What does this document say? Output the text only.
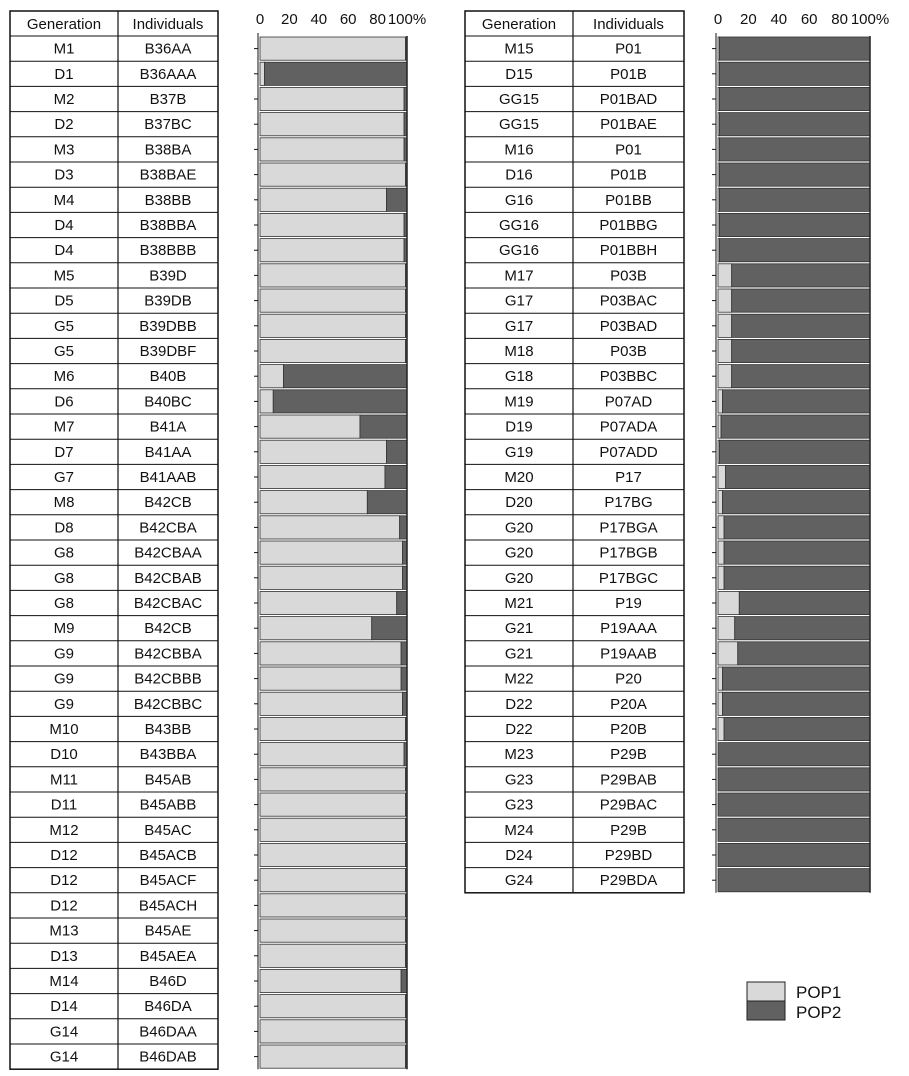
Generation Individuals	0 20 40 60 80 100%
M1	B36AA
D1	B36AAA
M2	B37B
D2	B37BC
M3	B38BA
D3	B38BAE
M4	B38BB
D4	B38BBA
D4	B38BBB
M5	B39D
D5	B39DB
G5	B39DBB
G5	B39DBF
M6	B40B
D6	B40BC
M7	B41A
D7	B41AA
G7	B41AAB
M8	B42CB
D8	B42CBA
G8	B42CBAA
G8	B42CBAB
G8	B42CBAC
M9	B42CB
G9	B42CBBA
G9	B42CBBB
G9	B42CBBC
M10	B43BB
D10	B43BBA
M11	B45AB
D11	B45ABB
M12	B45AC
D12	B45ACB
D12	B45ACF
D12	B45ACH
M13	B45AE
D13	B45AEA
M14	B46D
D14	B46DA
G14	B46DAA
G14	B46DAB
Generation Individuals	0 20 40 60 80 100%
M15	P01
D15	P01B
GG15	P01BAD
GG15	P01BAE
M16	P01
D16	P01B
G16	P01BB
GG16	P01BBG
GG16	P01BBH
M17	P03B
G17	P03BAC
G17	P03BAD
M18	P03B
G18	P03BBC
M19	P07AD
D19	P07ADA
G19	P07ADD
M20	P17
D20	P17BG
G20	P17BGA
G20	P17BGB
G20	P17BGC
M21	P19
G21	P19AAA
G21	P19AAB
M22	P20
D22	P20A
D22	P20B
M23	P29B
G23	P29BAB
G23	P29BAC
M24	P29B
D24	P29BD
G24	P29BDA
POP1
POP2
